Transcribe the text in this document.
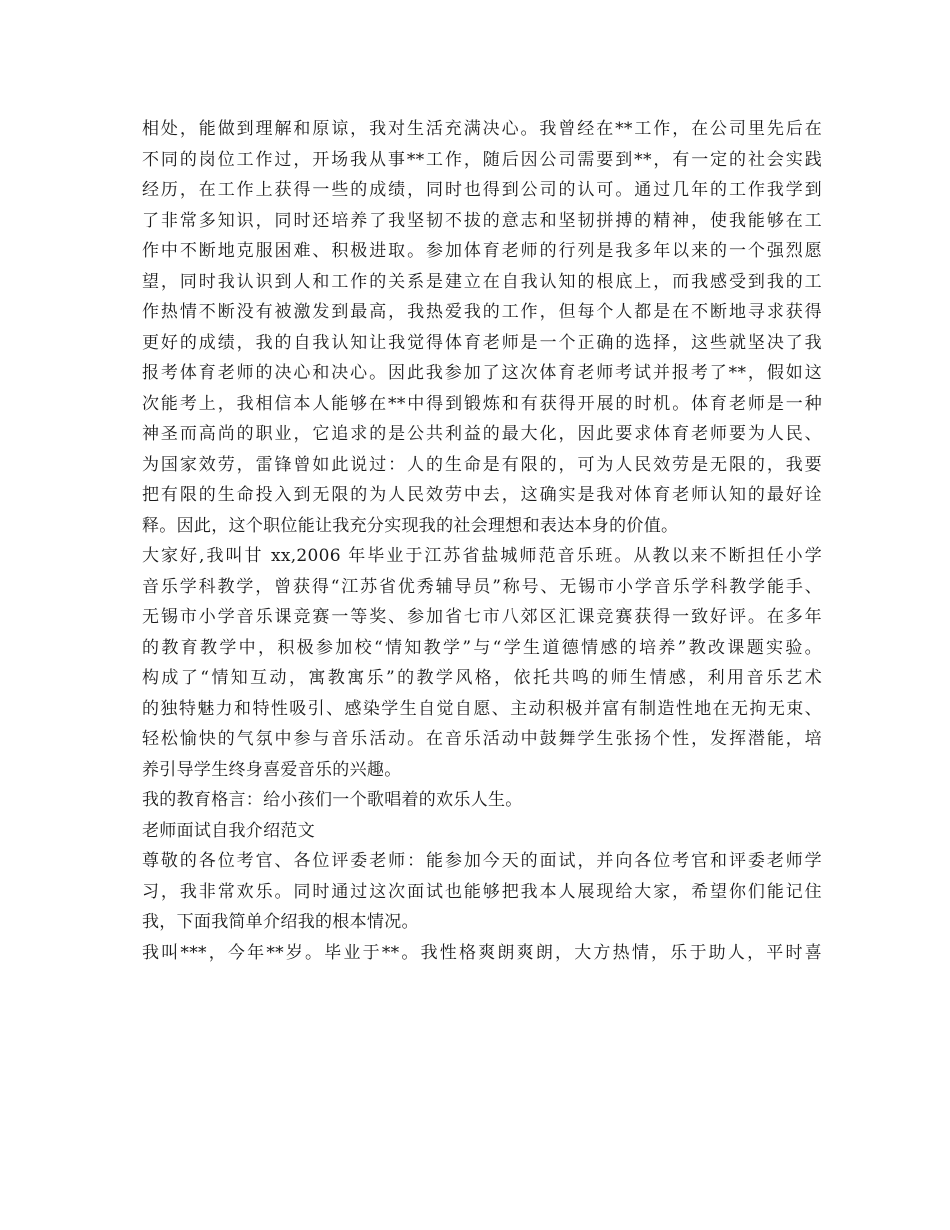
相处，能做到理解和原谅，我对生活充满决心。我曾经在**工作，在公司里先后在
不同的岗位工作过，开场我从事**工作，随后因公司需要到**，有一定的社会实践
经历，在工作上获得一些的成绩，同时也得到公司的认可。通过几年的工作我学到
了非常多知识，同时还培养了我坚韧不拔的意志和坚韧拼搏的精神，使我能够在工
作中不断地克服困难、积极进取。参加体育老师的行列是我多年以来的一个强烈愿
望，同时我认识到人和工作的关系是建立在自我认知的根底上，而我感受到我的工
作热情不断没有被激发到最高，我热爱我的工作，但每个人都是在不断地寻求获得
更好的成绩，我的自我认知让我觉得体育老师是一个正确的选择，这些就坚决了我
报考体育老师的决心和决心。因此我参加了这次体育老师考试并报考了**，假如这
次能考上，我相信本人能够在**中得到锻炼和有获得开展的时机。体育老师是一种
神圣而高尚的职业，它追求的是公共利益的最大化，因此要求体育老师要为人民、
为国家效劳，雷锋曾如此说过：人的生命是有限的，可为人民效劳是无限的，我要
把有限的生命投入到无限的为人民效劳中去，这确实是我对体育老师认知的最好诠
释。因此，这个职位能让我充分实现我的社会理想和表达本身的价值。
大家好,我叫甘 xx,2006 年毕业于江苏省盐城师范音乐班。从教以来不断担任小学
音乐学科教学，曾获得“江苏省优秀辅导员”称号、无锡市小学音乐学科教学能手、
无锡市小学音乐课竞赛一等奖、参加省七市八郊区汇课竞赛获得一致好评。在多年
的教育教学中，积极参加校“情知教学”与“学生道德情感的培养”教改课题实验。
构成了“情知互动，寓教寓乐”的教学风格，依托共鸣的师生情感，利用音乐艺术
的独特魅力和特性吸引、感染学生自觉自愿、主动积极并富有制造性地在无拘无束、
轻松愉快的气氛中参与音乐活动。在音乐活动中鼓舞学生张扬个性，发挥潜能，培
养引导学生终身喜爱音乐的兴趣。
我的教育格言：给小孩们一个歌唱着的欢乐人生。
老师面试自我介绍范文
尊敬的各位考官、各位评委老师：能参加今天的面试，并向各位考官和评委老师学
习，我非常欢乐。同时通过这次面试也能够把我本人展现给大家，希望你们能记住
我，下面我简单介绍我的根本情况。
我叫***，今年**岁。毕业于**。我性格爽朗爽朗，大方热情，乐于助人，平时喜
